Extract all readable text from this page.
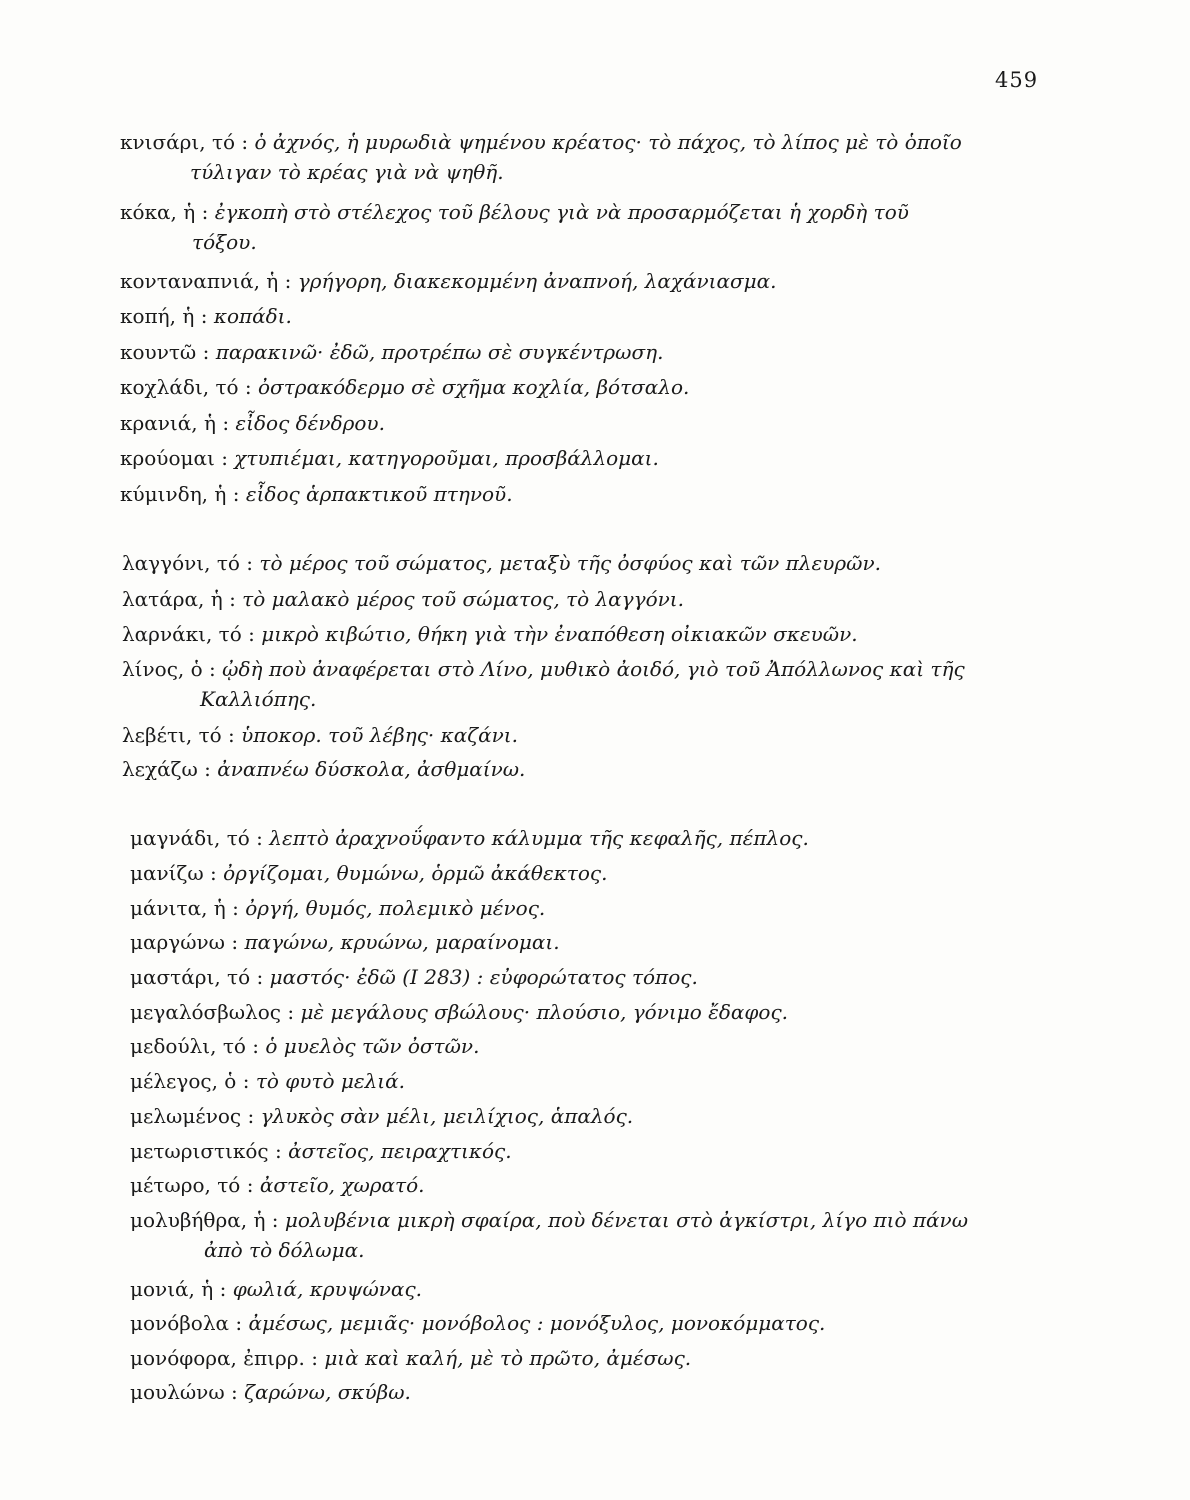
459
κνισάρι, τό : ὁ ἀχνός, ἡ μυρωδιὰ ψημένου κρέατος· τὸ πάχος, τὸ λίπος μὲ τὸ ὁποῖο
τύλιγαν τὸ κρέας γιὰ νὰ ψηθῆ.
κόκα, ἡ : ἐγκοπὴ στὸ στέλεχος τοῦ βέλους γιὰ νὰ προσαρμόζεται ἡ χορδὴ τοῦ
τόξου.
κονταναπνιά, ἡ : γρήγορη, διακεκομμένη ἀναπνοή, λαχάνιασμα.
κοπή, ἡ : κοπάδι.
κουντῶ : παρακινῶ· ἐδῶ, προτρέπω σὲ συγκέντρωση.
κοχλάδι, τό : ὀστρακόδερμο σὲ σχῆμα κοχλία, βότσαλο.
κρανιά, ἡ : εἶδος δένδρου.
κρούομαι : χτυπιέμαι, κατηγοροῦμαι, προσβάλλομαι.
κύμινδη, ἡ : εἶδος ἁρπακτικοῦ πτηνοῦ.
λαγγόνι, τό : τὸ μέρος τοῦ σώματος, μεταξὺ τῆς ὀσφύος καὶ τῶν πλευρῶν.
λατάρα, ἡ : τὸ μαλακὸ μέρος τοῦ σώματος, τὸ λαγγόνι.
λαρνάκι, τό : μικρὸ κιβώτιο, θήκη γιὰ τὴν ἐναπόθεση οἰκιακῶν σκευῶν.
λίνος, ὁ : ᾠδὴ ποὺ ἀναφέρεται στὸ Λίνο, μυθικὸ ἀοιδό, γιὸ τοῦ Ἀπόλλωνος καὶ τῆς
Καλλιόπης.
λεβέτι, τό : ὑποκορ. τοῦ λέβης· καζάνι.
λεχάζω : ἀναπνέω δύσκολα, ἀσθμαίνω.
μαγνάδι, τό : λεπτὸ ἀραχνοΰφαντο κάλυμμα τῆς κεφαλῆς, πέπλος.
μανίζω : ὀργίζομαι, θυμώνω, ὁρμῶ ἀκάθεκτος.
μάνιτα, ἡ : ὀργή, θυμός, πολεμικὸ μένος.
μαργώνω : παγώνω, κρυώνω, μαραίνομαι.
μαστάρι, τό : μαστός· ἐδῶ (Ι 283) : εὐφορώτατος τόπος.
μεγαλόσβωλος : μὲ μεγάλους σβώλους· πλούσιο, γόνιμο ἔδαφος.
μεδούλι, τό : ὁ μυελὸς τῶν ὀστῶν.
μέλεγος, ὁ : τὸ φυτὸ μελιά.
μελωμένος : γλυκὸς σὰν μέλι, μειλίχιος, ἁπαλός.
μετωριστικός : ἀστεῖος, πειραχτικός.
μέτωρο, τό : ἀστεῖο, χωρατό.
μολυβήθρα, ἡ : μολυβένια μικρὴ σφαίρα, ποὺ δένεται στὸ ἀγκίστρι, λίγο πιὸ πάνω
ἀπὸ τὸ δόλωμα.
μονιά, ἡ : φωλιά, κρυψώνας.
μονόβολα : ἀμέσως, μεμιᾶς· μονόβολος : μονόξυλος, μονοκόμματος.
μονόφορα, ἐπιρρ. : μιὰ καὶ καλή, μὲ τὸ πρῶτο, ἀμέσως.
μουλώνω : ζαρώνω, σκύβω.
